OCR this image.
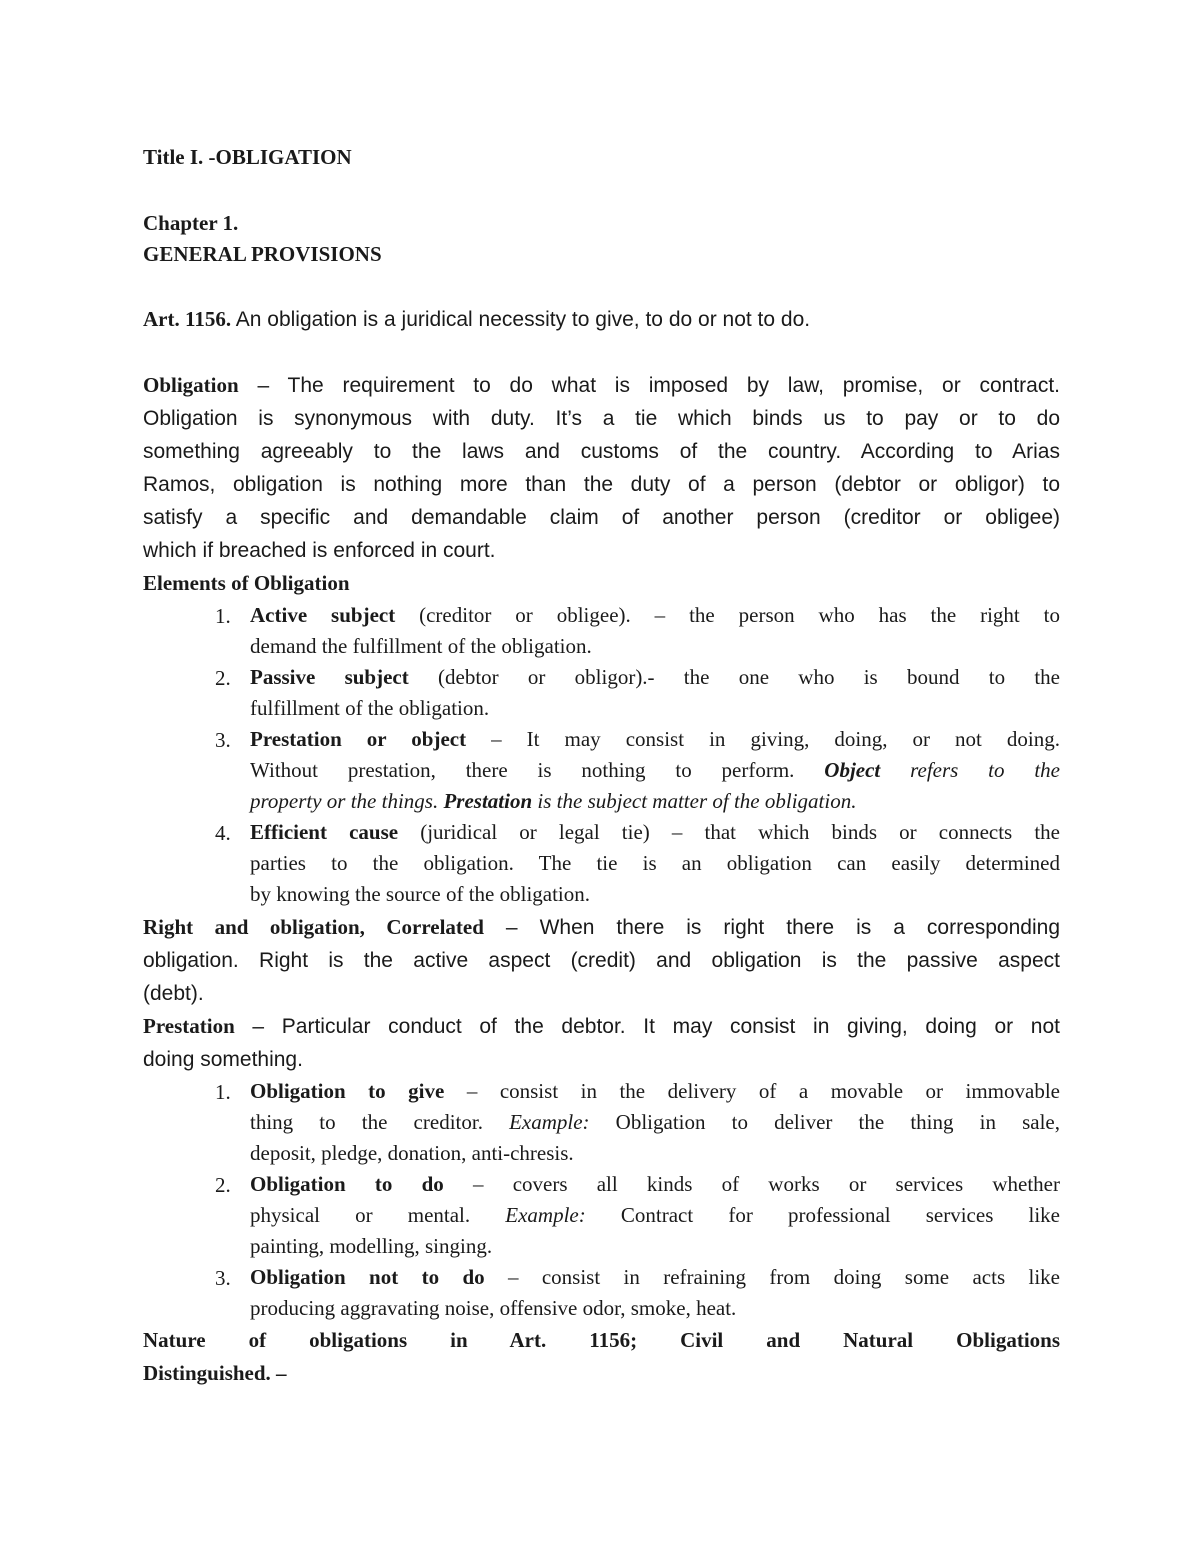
Title I. -OBLIGATION
Chapter 1.
GENERAL PROVISIONS
Art. 1156. An obligation is a juridical necessity to give, to do or not to do.
Obligation – The requirement to do what is imposed by law, promise, or contract.
Obligation is synonymous with duty. It’s a tie which binds us to pay or to do
something agreeably to the laws and customs of the country. According to Arias
Ramos, obligation is nothing more than the duty of a person (debtor or obligor) to
satisfy a specific and demandable claim of another person (creditor or obligee)
which if breached is enforced in court.
Elements of Obligation
1. Active subject (creditor or obligee). – the person who has the right to
demand the fulfillment of the obligation.
2. Passive subject (debtor or obligor).- the one who is bound to the
fulfillment of the obligation.
3. Prestation or object – It may consist in giving, doing, or not doing.
Without prestation, there is nothing to perform. Object refers to the
property or the things. Prestation is the subject matter of the obligation.
4. Efficient cause (juridical or legal tie) – that which binds or connects the
parties to the obligation. The tie is an obligation can easily determined
by knowing the source of the obligation.
Right and obligation, Correlated – When there is right there is a corresponding
obligation. Right is the active aspect (credit) and obligation is the passive aspect
(debt).
Prestation – Particular conduct of the debtor. It may consist in giving, doing or not
doing something.
1. Obligation to give – consist in the delivery of a movable or immovable
thing to the creditor. Example: Obligation to deliver the thing in sale,
deposit, pledge, donation, anti-chresis.
2. Obligation to do – covers all kinds of works or services whether
physical or mental. Example: Contract for professional services like
painting, modelling, singing.
3. Obligation not to do – consist in refraining from doing some acts like
producing aggravating noise, offensive odor, smoke, heat.
Nature of obligations in Art. 1156; Civil and Natural Obligations
Distinguished. –
